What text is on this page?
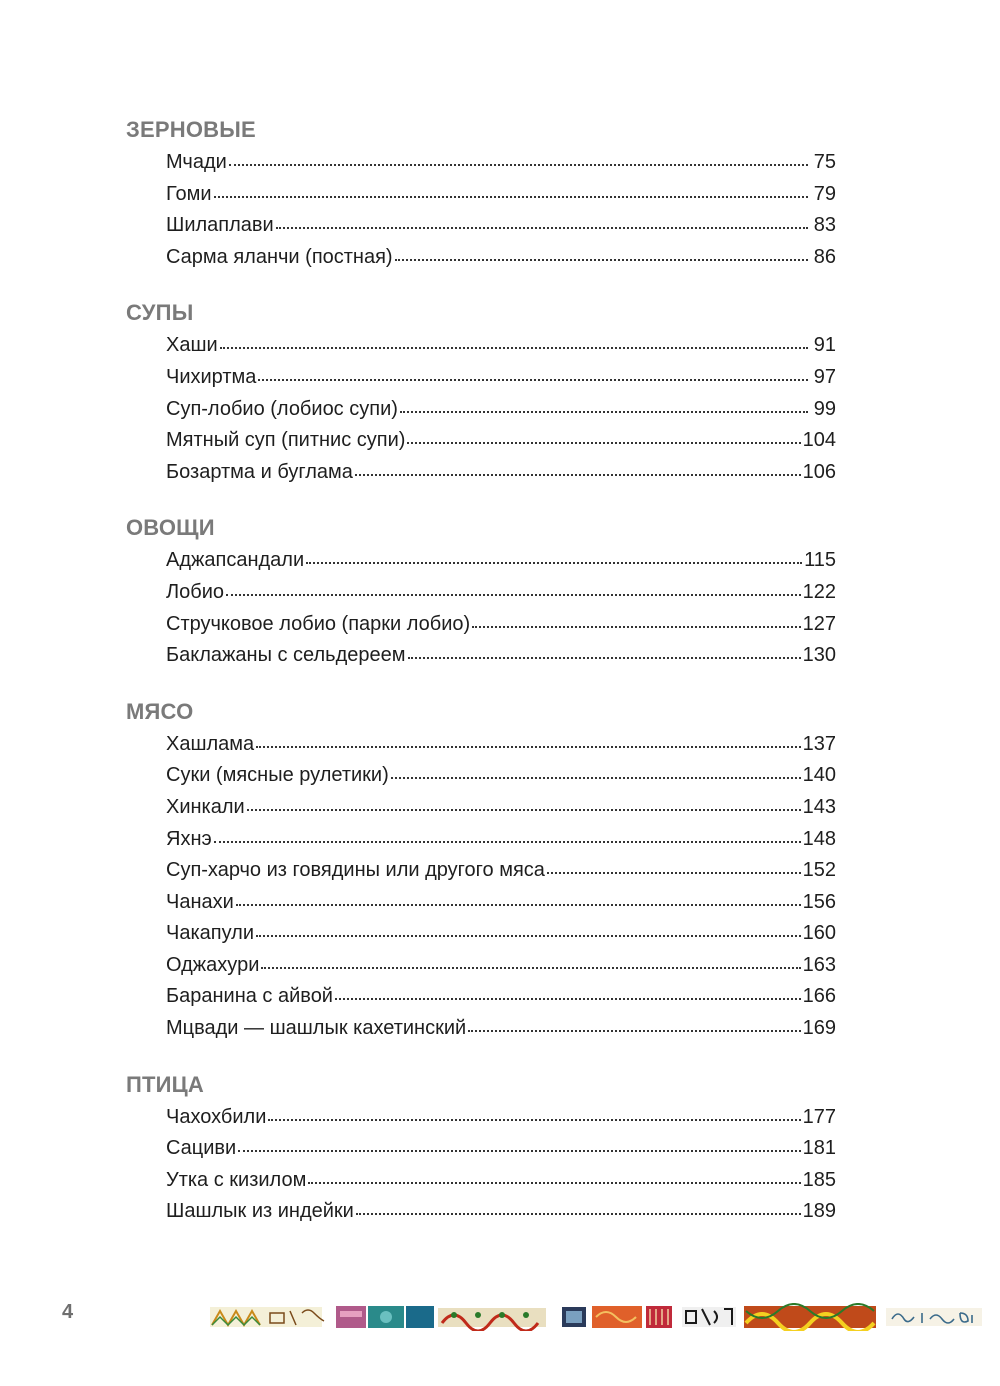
ЗЕРНОВЫЕ
Мчади	75
Гоми	79
Шилаплави	83
Сарма яланчи (постная)	86
СУПЫ
Хаши	91
Чихиртма	97
Суп-лобио (лобиос супи)	99
Мятный суп (питнис супи)	104
Бозартма и буглама	106
ОВОЩИ
Аджапсандали	115
Лобио	122
Стручковое лобио (парки лобио)	127
Баклажаны с сельдереем	130
МЯСО
Хашлама	137
Суки (мясные рулетики)	140
Хинкали	143
Яхнэ	148
Суп-харчо из говядины или другого мяса	152
Чанахи	156
Чакапули	160
Оджахури	163
Баранина с айвой	166
Мцвади — шашлык кахетинский	169
ПТИЦА
Чахохбили	177
Сациви	181
Утка с кизилом	185
Шашлык из индейки	189
4
